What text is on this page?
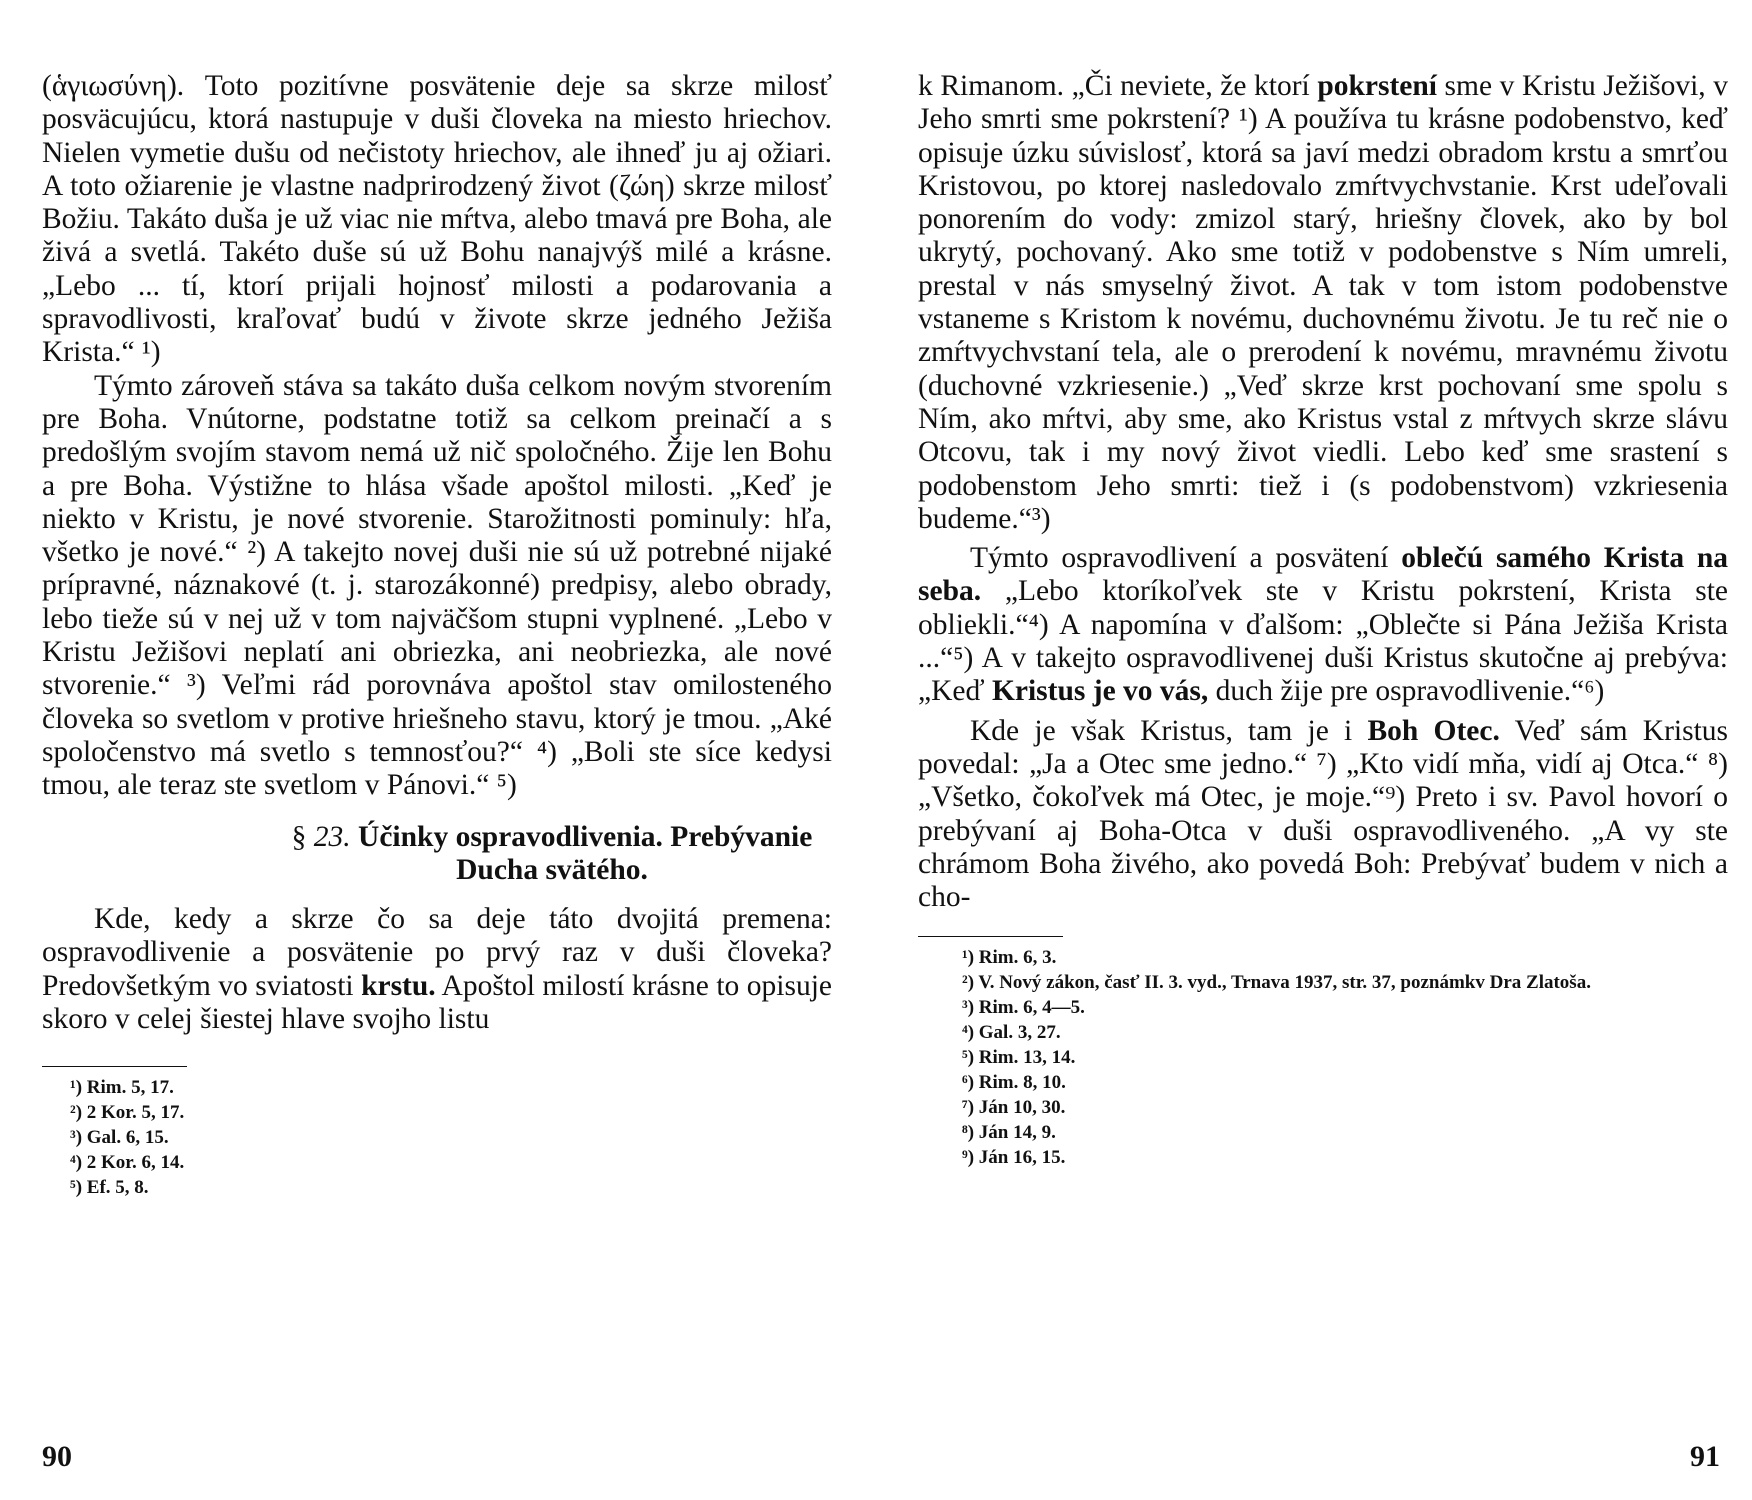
(ἁγιωσύνη). Toto pozitívne posvätenie deje sa skrze milosť posväcujúcu, ktorá nastupuje v duši človeka na miesto hriechov. Nielen vymetie dušu od nečistoty hriechov, ale ihneď ju aj ožiari. A toto ožiarenie je vlastne nadprirodzený život (ζώη) skrze milosť Božiu. Takáto duša je už viac nie mŕtva, alebo tmavá pre Boha, ale živá a svetlá. Takéto duše sú už Bohu nanajvýš milé a krásne. „Lebo ... tí, ktorí prijali hojnosť milosti a podarovania a spravodlivosti, kraľovať budú v živote skrze jedného Ježiša Krista.“ ¹)

Týmto zároveň stáva sa takáto duša celkom novým stvorením pre Boha. Vnútorne, podstatne totiž sa celkom preinačí a s predošlým svojím stavom nemá už nič spoločného. Žije len Bohu a pre Boha. Výstižne to hlása všade apoštol milosti. „Keď je niekto v Kristu, je nové stvorenie. Starožitnosti pominuly: hľa, všetko je nové.“ ²) A takejto novej duši nie sú už potrebné nijaké prípravné, náznakové (t. j. starozákonné) predpisy, alebo obrady, lebo tieže sú v nej už v tom najväčšom stupni vyplnené. „Lebo v Kristu Ježišovi neplatí ani obriezka, ani neobriezka, ale nové stvorenie.“ ³) Veľmi rád porovnáva apoštol stav omilosteného človeka so svetlom v protive hriešneho stavu, ktorý je tmou. „Aké spoločenstvo má svetlo s temnosťou?“ ⁴) „Boli ste síce kedysi tmou, ale teraz ste svetlom v Pánovi.“ ⁵)

§ 23. Účinky ospravodlivenia. Prebývanie Ducha svätého.

Kde, kedy a skrze čo sa deje táto dvojitá premena: ospravodlivenie a posvätenie po prvý raz v duši človeka? Predovšetkým vo sviatosti krstu. Apoštol milostí krásne to opisuje skoro v celej šiestej hlave svojho listu

¹) Rim. 5, 17.
²) 2 Kor. 5, 17.
³) Gal. 6, 15.
⁴) 2 Kor. 6, 14.
⁵) Ef. 5, 8.
90

k Rimanom. „Či neviete, že ktorí pokrstení sme v Kristu Ježišovi, v Jeho smrti sme pokrstení? ¹) A používa tu krásne podobenstvo, keď opisuje úzku súvislosť, ktorá sa javí medzi obradom krstu a smrťou Kristovou, po ktorej nasledovalo zmŕtvychvstanie. Krst udeľovali ponorením do vody: zmizol starý, hriešny človek, ako by bol ukrytý, pochovaný. Ako sme totiž v podobenstve s Ním umreli, prestal v nás smyselný život. A tak v tom istom podobenstve vstaneme s Kristom k novému, duchovnému životu. Je tu reč nie o zmŕtvychvstaní tela, ale o prerodení k novému, mravnému životu (duchovné vzkriesenie.) „Veď skrze krst pochovaní sme spolu s Ním, ako mŕtvi, aby sme, ako Kristus vstal z mŕtvych skrze slávu Otcovu, tak i my nový život viedli. Lebo keď sme srastení s podobenstom Jeho smrti: tiež i (s podobenstvom) vzkriesenia budeme.“³)

Týmto ospravodlivení a posvätení oblečú samého Krista na seba. „Lebo ktoríkoľvek ste v Kristu pokrstení, Krista ste obliekli.“⁴) A napomína v ďalšom: „Oblečte si Pána Ježiša Krista ...“⁵) A v takejto ospravodlivenej duši Kristus skutočne aj prebýva: „Keď Kristus je vo vás, duch žije pre ospravodlivenie.“⁶)

Kde je však Kristus, tam je i Boh Otec. Veď sám Kristus povedal: „Ja a Otec sme jedno.“ ⁷) „Kto vidí mňa, vidí aj Otca.“ ⁸) „Všetko, čokoľvek má Otec, je moje.“⁹) Preto i sv. Pavol hovorí o prebývaní aj Boha-Otca v duši ospravodliveného. „A vy ste chrámom Boha živého, ako povedá Boh: Prebývať budem v nich a cho-

¹) Rim. 6, 3.
²) V. Nový zákon, časť II. 3. vyd., Trnava 1937, str. 37, poznámkv Dra Zlatoša.
³) Rim. 6, 4—5.
⁴) Gal. 3, 27.
⁵) Rim. 13, 14.
⁶) Rim. 8, 10.
⁷) Ján 10, 30.
⁸) Ján 14, 9.
⁹) Ján 16, 15.
91
